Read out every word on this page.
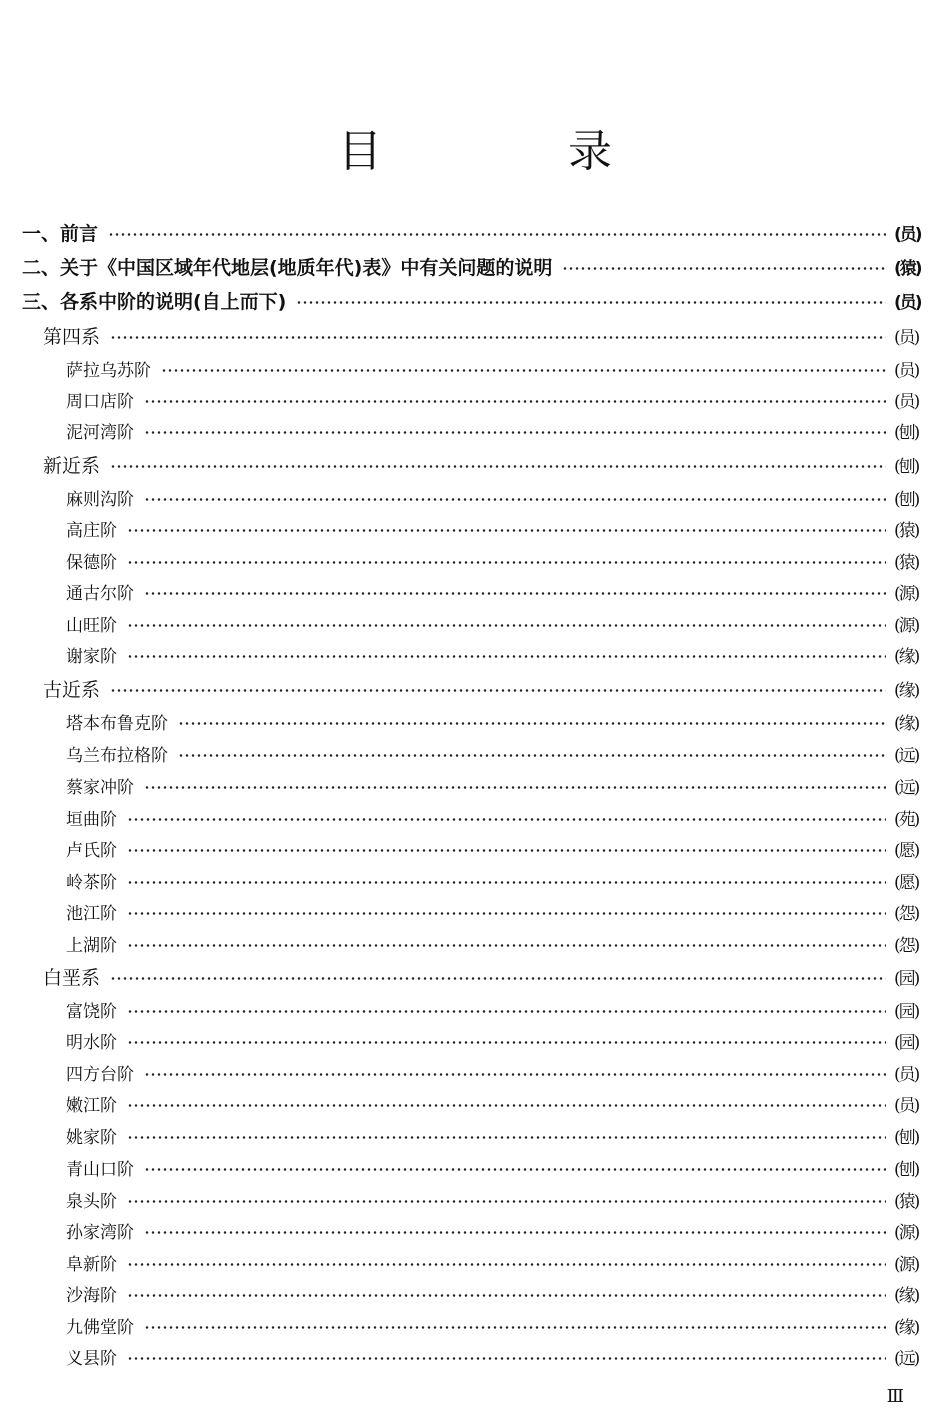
目 录
一、前言	(员)
二、关于《中国区域年代地层(地质年代)表》中有关问题的说明	(猿)
三、各系中阶的说明(自上而下)	(员)
第四系	(员)
萨拉乌苏阶	(员)
周口店阶	(员)
泥河湾阶	(刨)
新近系	(刨)
麻则沟阶	(刨)
高庄阶	(猿)
保德阶	(猿)
通古尔阶	(源)
山旺阶	(源)
谢家阶	(缘)
古近系	(缘)
塔本布鲁克阶	(缘)
乌兰布拉格阶	(远)
蔡家冲阶	(远)
垣曲阶	(苑)
卢氏阶	(愿)
岭茶阶	(愿)
池江阶	(怨)
上湖阶	(怨)
白垩系	(园)
富饶阶	(园)
明水阶	(园)
四方台阶	(员)
嫩江阶	(员)
姚家阶	(刨)
青山口阶	(刨)
泉头阶	(猿)
孙家湾阶	(源)
阜新阶	(源)
沙海阶	(缘)
九佛堂阶	(缘)
义县阶	(远)
Ⅲ
